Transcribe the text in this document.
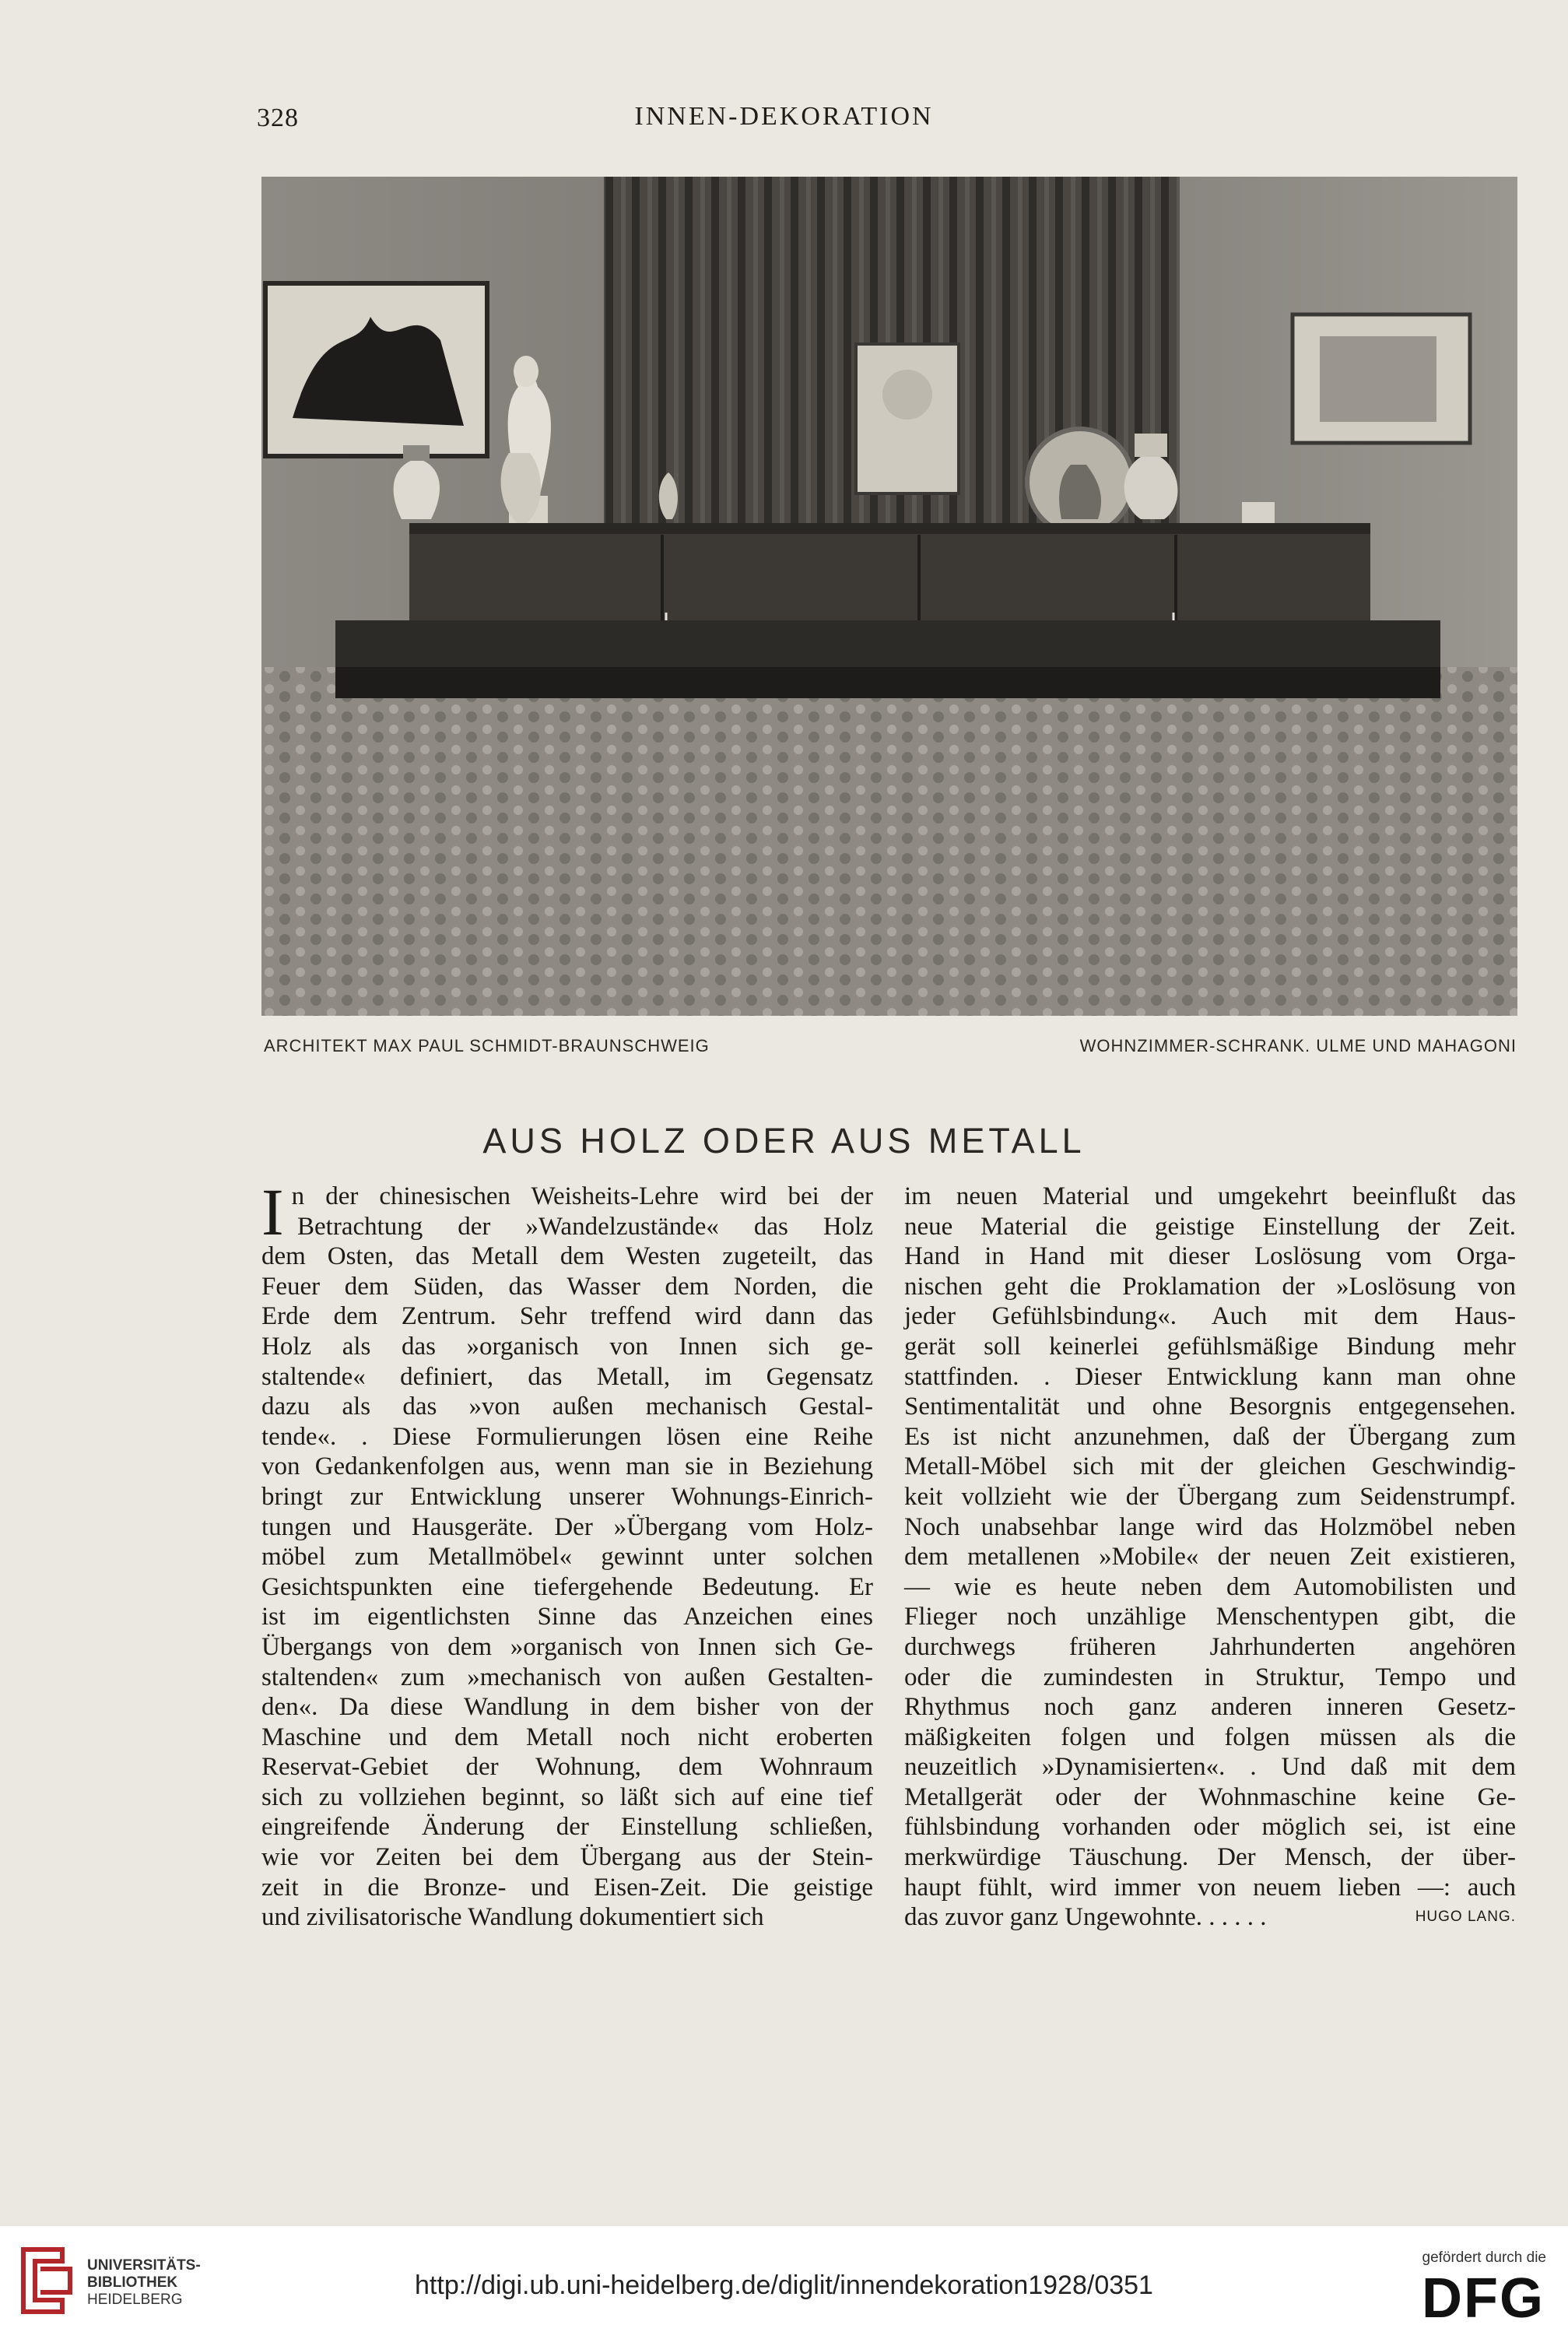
328	INNEN-DEKORATION
ARCHITEKT MAX PAUL SCHMIDT-BRAUNSCHWEIG	WOHNZIMMER-SCHRANK. ULME UND MAHAGONI
AUS HOLZ ODER AUS METALL
I n der chinesischen Weisheits-Lehre wird bei der
Betrachtung der »Wandelzustände« das Holz
dem Osten, das Metall dem Westen zugeteilt, das
Feuer dem Süden, das Wasser dem Norden, die
Erde dem Zentrum. Sehr treffend wird dann das
Holz als das »organisch von Innen sich ge-
staltende« definiert, das Metall, im Gegensatz
dazu als das »von außen mechanisch Gestal-
tende«. . Diese Formulierungen lösen eine Reihe
von Gedankenfolgen aus, wenn man sie in Beziehung
bringt zur Entwicklung unserer Wohnungs-Einrich-
tungen und Hausgeräte. Der »Übergang vom Holz-
möbel zum Metallmöbel« gewinnt unter solchen
Gesichtspunkten eine tiefergehende Bedeutung. Er
ist im eigentlichsten Sinne das Anzeichen eines
Übergangs von dem »organisch von Innen sich Ge-
staltenden« zum »mechanisch von außen Gestalten-
den«. Da diese Wandlung in dem bisher von der
Maschine und dem Metall noch nicht eroberten
Reservat-Gebiet der Wohnung, dem Wohnraum
sich zu vollziehen beginnt, so läßt sich auf eine tief
eingreifende Änderung der Einstellung schließen,
wie vor Zeiten bei dem Übergang aus der Stein-
zeit in die Bronze- und Eisen-Zeit. Die geistige
und zivilisatorische Wandlung dokumentiert sich
im neuen Material und umgekehrt beeinflußt das
neue Material die geistige Einstellung der Zeit.
Hand in Hand mit dieser Loslösung vom Orga-
nischen geht die Proklamation der »Loslösung von
jeder Gefühlsbindung«. Auch mit dem Haus-
gerät soll keinerlei gefühlsmäßige Bindung mehr
stattfinden. . Dieser Entwicklung kann man ohne
Sentimentalität und ohne Besorgnis entgegensehen.
Es ist nicht anzunehmen, daß der Übergang zum
Metall-Möbel sich mit der gleichen Geschwindig-
keit vollzieht wie der Übergang zum Seidenstrumpf.
Noch unabsehbar lange wird das Holzmöbel neben
dem metallenen »Mobile« der neuen Zeit existieren,
— wie es heute neben dem Automobilisten und
Flieger noch unzählige Menschentypen gibt, die
durchwegs früheren Jahrhunderten angehören
oder die zumindesten in Struktur, Tempo und
Rhythmus noch ganz anderen inneren Gesetz-
mäßigkeiten folgen und folgen müssen als die
neuzeitlich »Dynamisierten«. . Und daß mit dem
Metallgerät oder der Wohnmaschine keine Ge-
fühlsbindung vorhanden oder möglich sei, ist eine
merkwürdige Täuschung. Der Mensch, der über-
haupt fühlt, wird immer von neuem lieben —: auch
das zuvor ganz Ungewohnte. . . . . .	HUGO LANG.
UNIVERSITÄTS-
BIBLIOTHEK
HEIDELBERG	http://digi.ub.uni-heidelberg.de/diglit/innendekoration1928/0351
gefördert durch die
DFG
